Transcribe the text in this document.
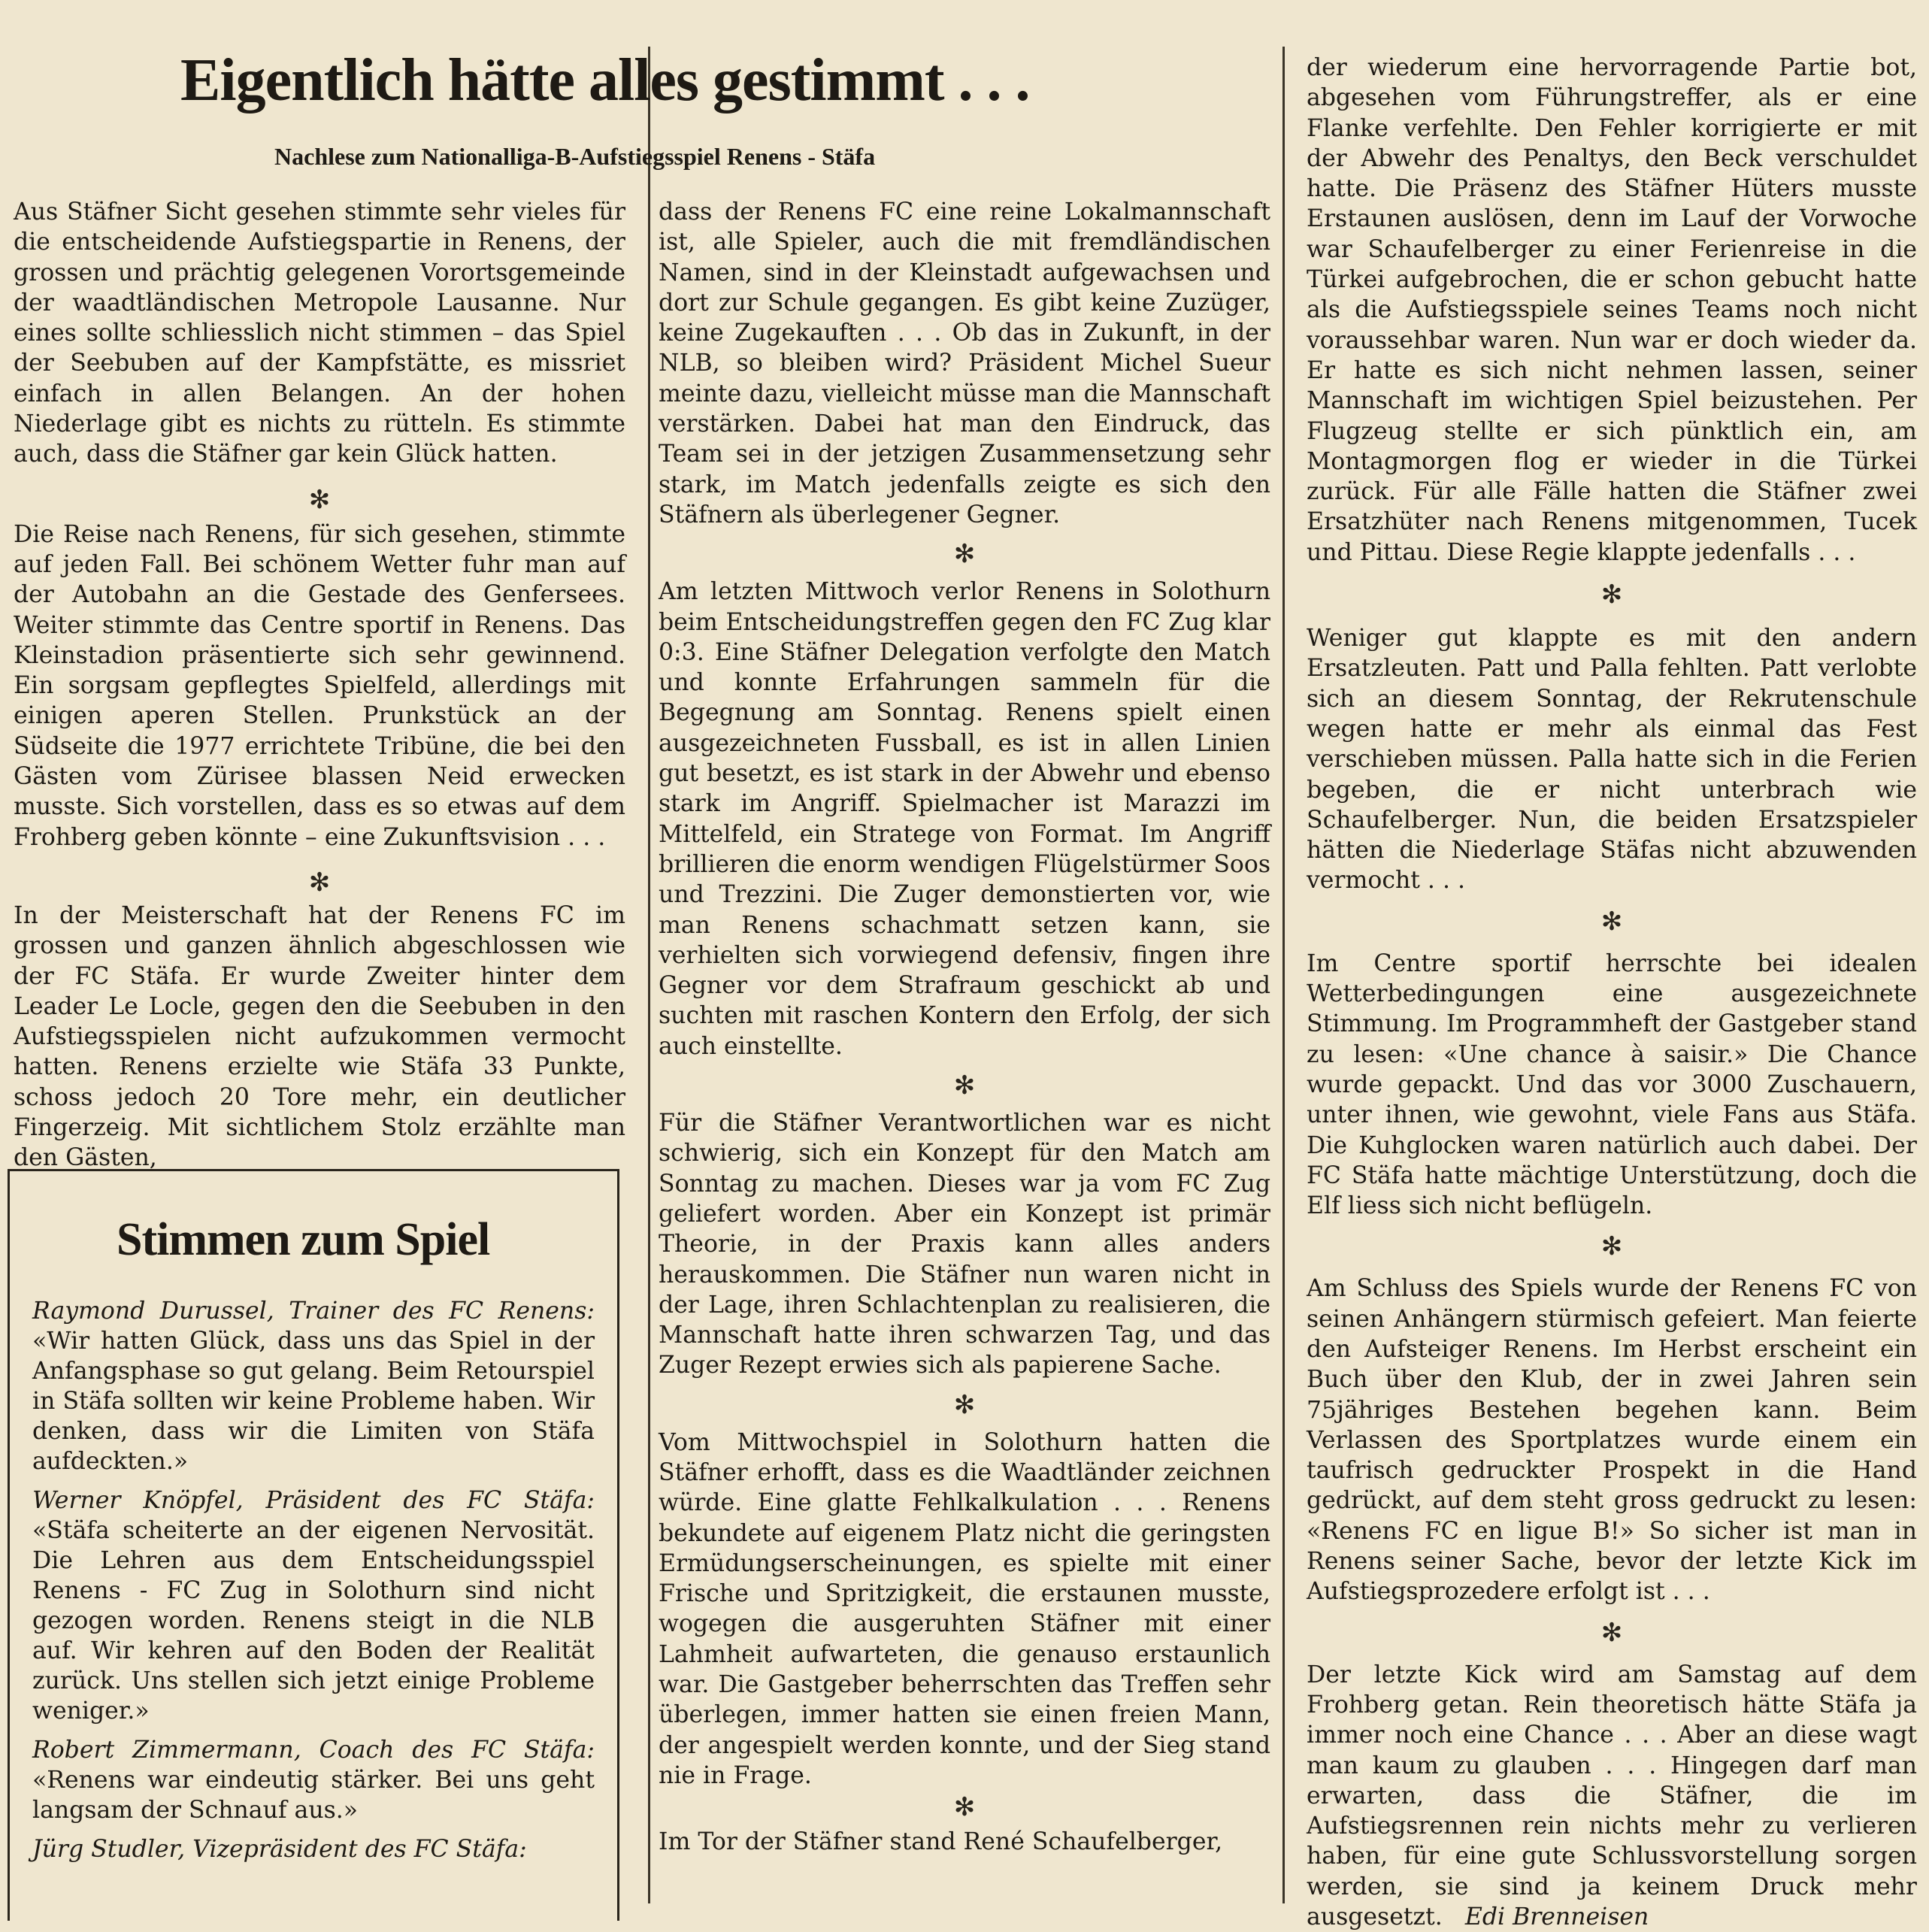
Eigentlich hätte alles gestimmt . . .
Nachlese zum Nationalliga-B-Aufstiegsspiel Renens - Stäfa

Aus Stäfner Sicht gesehen stimmte sehr vieles für die entscheidende Aufstiegspartie in Renens, der grossen und prächtig gelegenen Vorortsgemeinde der waadtländischen Metropole Lausanne. Nur eines sollte schliesslich nicht stimmen – das Spiel der Seebuben auf der Kampfstätte, es missriet einfach in allen Belangen. An der hohen Niederlage gibt es nichts zu rütteln. Es stimmte auch, dass die Stäfner gar kein Glück hatten.

✻

Die Reise nach Renens, für sich gesehen, stimmte auf jeden Fall. Bei schönem Wetter fuhr man auf der Autobahn an die Gestade des Genfersees. Weiter stimmte das Centre sportif in Renens. Das Kleinstadion präsentierte sich sehr gewinnend. Ein sorgsam gepflegtes Spielfeld, allerdings mit einigen aperen Stellen. Prunkstück an der Südseite die 1977 errichtete Tribüne, die bei den Gästen vom Zürisee blassen Neid erwecken musste. Sich vorstellen, dass es so etwas auf dem Frohberg geben könnte – eine Zukunftsvision . . .

✻

In der Meisterschaft hat der Renens FC im grossen und ganzen ähnlich abgeschlossen wie der FC Stäfa. Er wurde Zweiter hinter dem Leader Le Locle, gegen den die Seebuben in den Aufstiegsspielen nicht aufzukommen vermocht hatten. Renens erzielte wie Stäfa 33 Punkte, schoss jedoch 20 Tore mehr, ein deutlicher Fingerzeig. Mit sichtlichem Stolz erzählte man den Gästen,

Stimmen zum Spiel

Raymond Durussel, Trainer des FC Renens: «Wir hatten Glück, dass uns das Spiel in der Anfangsphase so gut gelang. Beim Retourspiel in Stäfa sollten wir keine Probleme haben. Wir denken, dass wir die Limiten von Stäfa aufdeckten.»

Werner Knöpfel, Präsident des FC Stäfa: «Stäfa scheiterte an der eigenen Nervosität. Die Lehren aus dem Entscheidungsspiel Renens - FC Zug in Solothurn sind nicht gezogen worden. Renens steigt in die NLB auf. Wir kehren auf den Boden der Realität zurück. Uns stellen sich jetzt einige Probleme weniger.»

Robert Zimmermann, Coach des FC Stäfa: «Renens war eindeutig stärker. Bei uns geht langsam der Schnauf aus.»

Jürg Studler, Vizepräsident des FC Stäfa:

dass der Renens FC eine reine Lokalmannschaft ist, alle Spieler, auch die mit fremdländischen Namen, sind in der Kleinstadt aufgewachsen und dort zur Schule gegangen. Es gibt keine Zuzüger, keine Zugekauften . . . Ob das in Zukunft, in der NLB, so bleiben wird? Präsident Michel Sueur meinte dazu, vielleicht müsse man die Mannschaft verstärken. Dabei hat man den Eindruck, das Team sei in der jetzigen Zusammensetzung sehr stark, im Match jedenfalls zeigte es sich den Stäfnern als überlegener Gegner.

✻

Am letzten Mittwoch verlor Renens in Solothurn beim Entscheidungstreffen gegen den FC Zug klar 0:3. Eine Stäfner Delegation verfolgte den Match und konnte Erfahrungen sammeln für die Begegnung am Sonntag. Renens spielt einen ausgezeichneten Fussball, es ist in allen Linien gut besetzt, es ist stark in der Abwehr und ebenso stark im Angriff. Spielmacher ist Marazzi im Mittelfeld, ein Stratege von Format. Im Angriff brillieren die enorm wendigen Flügelstürmer Soos und Trezzini. Die Zuger demonstierten vor, wie man Renens schachmatt setzen kann, sie verhielten sich vorwiegend defensiv, fingen ihre Gegner vor dem Strafraum geschickt ab und suchten mit raschen Kontern den Erfolg, der sich auch einstellte.

✻

Für die Stäfner Verantwortlichen war es nicht schwierig, sich ein Konzept für den Match am Sonntag zu machen. Dieses war ja vom FC Zug geliefert worden. Aber ein Konzept ist primär Theorie, in der Praxis kann alles anders herauskommen. Die Stäfner nun waren nicht in der Lage, ihren Schlachtenplan zu realisieren, die Mannschaft hatte ihren schwarzen Tag, und das Zuger Rezept erwies sich als papierene Sache.

✻

Vom Mittwochspiel in Solothurn hatten die Stäfner erhofft, dass es die Waadtländer zeichnen würde. Eine glatte Fehlkalkulation . . . Renens bekundete auf eigenem Platz nicht die geringsten Ermüdungserscheinungen, es spielte mit einer Frische und Spritzigkeit, die erstaunen musste, wogegen die ausgeruhten Stäfner mit einer Lahmheit aufwarteten, die genauso erstaunlich war. Die Gastgeber beherrschten das Treffen sehr überlegen, immer hatten sie einen freien Mann, der angespielt werden konnte, und der Sieg stand nie in Frage.

✻

Im Tor der Stäfner stand René Schaufelberger,

der wiederum eine hervorragende Partie bot, abgesehen vom Führungstreffer, als er eine Flanke verfehlte. Den Fehler korrigierte er mit der Abwehr des Penaltys, den Beck verschuldet hatte. Die Präsenz des Stäfner Hüters musste Erstaunen auslösen, denn im Lauf der Vorwoche war Schaufelberger zu einer Ferienreise in die Türkei aufgebrochen, die er schon gebucht hatte als die Aufstiegsspiele seines Teams noch nicht voraussehbar waren. Nun war er doch wieder da. Er hatte es sich nicht nehmen lassen, seiner Mannschaft im wichtigen Spiel beizustehen. Per Flugzeug stellte er sich pünktlich ein, am Montagmorgen flog er wieder in die Türkei zurück. Für alle Fälle hatten die Stäfner zwei Ersatzhüter nach Renens mitgenommen, Tucek und Pittau. Diese Regie klappte jedenfalls . . .

✻

Weniger gut klappte es mit den andern Ersatzleuten. Patt und Palla fehlten. Patt verlobte sich an diesem Sonntag, der Rekrutenschule wegen hatte er mehr als einmal das Fest verschieben müssen. Palla hatte sich in die Ferien begeben, die er nicht unterbrach wie Schaufelberger. Nun, die beiden Ersatzspieler hätten die Niederlage Stäfas nicht abzuwenden vermocht . . .

✻

Im Centre sportif herrschte bei idealen Wetterbedingungen eine ausgezeichnete Stimmung. Im Programmheft der Gastgeber stand zu lesen: «Une chance à saisir.» Die Chance wurde gepackt. Und das vor 3000 Zuschauern, unter ihnen, wie gewohnt, viele Fans aus Stäfa. Die Kuhglocken waren natürlich auch dabei. Der FC Stäfa hatte mächtige Unterstützung, doch die Elf liess sich nicht beflügeln.

✻

Am Schluss des Spiels wurde der Renens FC von seinen Anhängern stürmisch gefeiert. Man feierte den Aufsteiger Renens. Im Herbst erscheint ein Buch über den Klub, der in zwei Jahren sein 75jähriges Bestehen begehen kann. Beim Verlassen des Sportplatzes wurde einem ein taufrisch gedruckter Prospekt in die Hand gedrückt, auf dem steht gross gedruckt zu lesen: «Renens FC en ligue B!» So sicher ist man in Renens seiner Sache, bevor der letzte Kick im Aufstiegsprozedere erfolgt ist . . .

✻

Der letzte Kick wird am Samstag auf dem Frohberg getan. Rein theoretisch hätte Stäfa ja immer noch eine Chance . . . Aber an diese wagt man kaum zu glauben . . . Hingegen darf man erwarten, dass die Stäfner, die im Aufstiegsrennen rein nichts mehr zu verlieren haben, für eine gute Schlussvorstellung sorgen werden, sie sind ja keinem Druck mehr ausgesetzt. Edi Brenneisen
